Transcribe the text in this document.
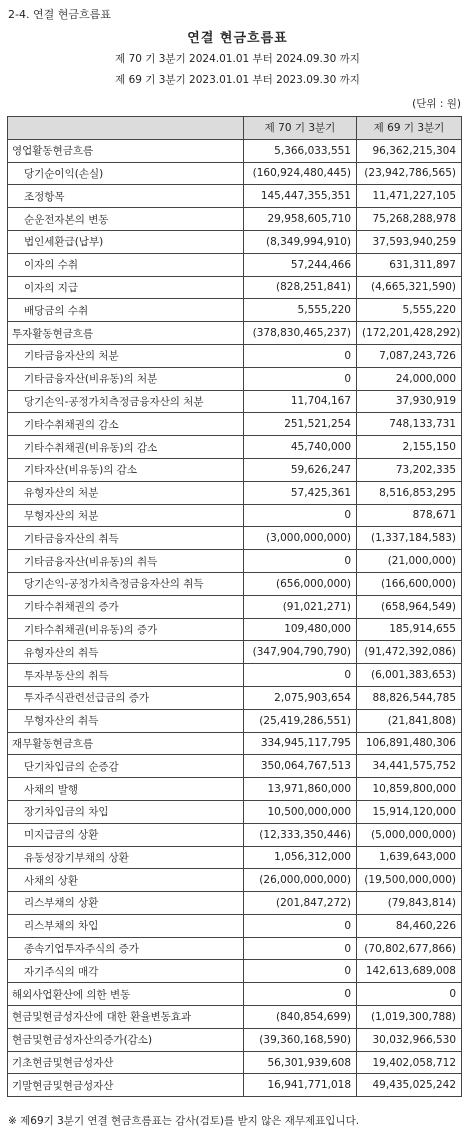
2-4. 연결 현금흐름표
연결 현금흐름표
제 70 기 3분기 2024.01.01 부터 2024.09.30 까지
제 69 기 3분기 2023.01.01 부터 2023.09.30 까지
(단위 : 원)
	제 70 기 3분기	제 69 기 3분기
영업활동현금흐름	5,366,033,551	96,362,215,304
당기순이익(손실)	(160,924,480,445)	(23,942,786,565)
조정항목	145,447,355,351	11,471,227,105
순운전자본의 변동	29,958,605,710	75,268,288,978
법인세환급(납부)	(8,349,994,910)	37,593,940,259
이자의 수취	57,244,466	631,311,897
이자의 지급	(828,251,841)	(4,665,321,590)
배당금의 수취	5,555,220	5,555,220
투자활동현금흐름	(378,830,465,237)	(172,201,428,292)
기타금융자산의 처분	0	7,087,243,726
기타금융자산(비유동)의 처분	0	24,000,000
당기손익-공정가치측정금융자산의 처분	11,704,167	37,930,919
기타수취채권의 감소	251,521,254	748,133,731
기타수취채권(비유동)의 감소	45,740,000	2,155,150
기타자산(비유동)의 감소	59,626,247	73,202,335
유형자산의 처분	57,425,361	8,516,853,295
무형자산의 처분	0	878,671
기타금융자산의 취득	(3,000,000,000)	(1,337,184,583)
기타금융자산(비유동)의 취득	0	(21,000,000)
당기손익-공정가치측정금융자산의 취득	(656,000,000)	(166,600,000)
기타수취채권의 증가	(91,021,271)	(658,964,549)
기타수취채권(비유동)의 증가	109,480,000	185,914,655
유형자산의 취득	(347,904,790,790)	(91,472,392,086)
투자부동산의 취득	0	(6,001,383,653)
투자주식관련선급금의 증가	2,075,903,654	88,826,544,785
무형자산의 취득	(25,419,286,551)	(21,841,808)
재무활동현금흐름	334,945,117,795	106,891,480,306
단기차입금의 순증감	350,064,767,513	34,441,575,752
사채의 발행	13,971,860,000	10,859,800,000
장기차입금의 차입	10,500,000,000	15,914,120,000
미지급금의 상환	(12,333,350,446)	(5,000,000,000)
유동성장기부채의 상환	1,056,312,000	1,639,643,000
사채의 상환	(26,000,000,000)	(19,500,000,000)
리스부채의 상환	(201,847,272)	(79,843,814)
리스부채의 차입	0	84,460,226
종속기업투자주식의 증가	0	(70,802,677,866)
자기주식의 매각	0	142,613,689,008
해외사업환산에 의한 변동	0	0
현금및현금성자산에 대한 환율변동효과	(840,854,699)	(1,019,300,788)
현금및현금성자산의증가(감소)	(39,360,168,590)	30,032,966,530
기초현금및현금성자산	56,301,939,608	19,402,058,712
기말현금및현금성자산	16,941,771,018	49,435,025,242
※ 제69기 3분기 연결 현금흐름표는 감사(검토)를 받지 않은 재무제표입니다.
